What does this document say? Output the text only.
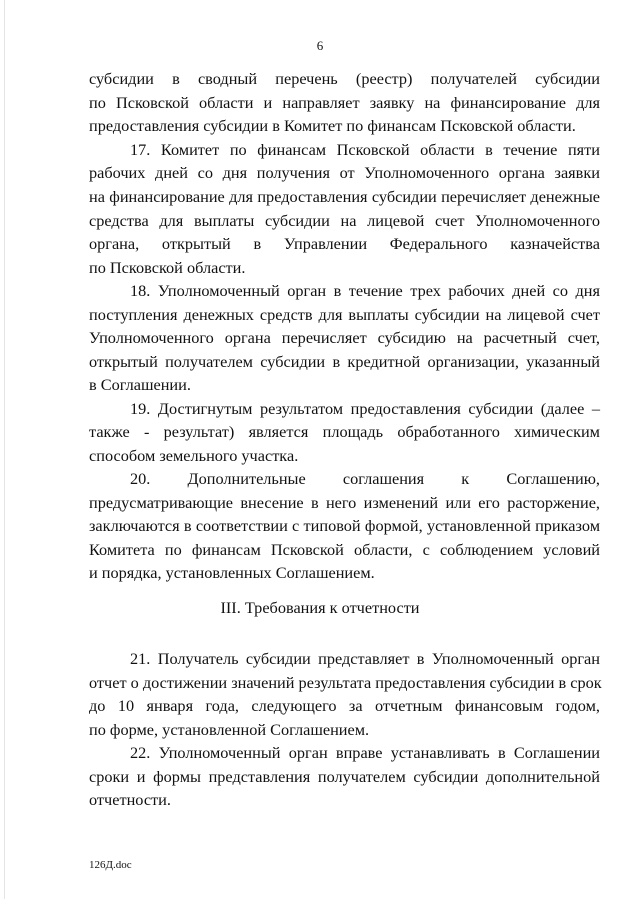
6
субсидии в сводный перечень (реестр) получателей субсидии
по Псковской области и направляет заявку на финансирование для
предоставления субсидии в Комитет по финансам Псковской области.
17. Комитет по финансам Псковской области в течение пяти
рабочих дней со дня получения от Уполномоченного органа заявки
на финансирование для предоставления субсидии перечисляет денежные
средства для выплаты субсидии на лицевой счет Уполномоченного
органа, открытый в Управлении Федерального казначейства
по Псковской области.
18. Уполномоченный орган в течение трех рабочих дней со дня
поступления денежных средств для выплаты субсидии на лицевой счет
Уполномоченного органа перечисляет субсидию на расчетный счет,
открытый получателем субсидии в кредитной организации, указанный
в Соглашении.
19. Достигнутым результатом предоставления субсидии (далее –
также - результат) является площадь обработанного химическим
способом земельного участка.
20. Дополнительные соглашения к Соглашению,
предусматривающие внесение в него изменений или его расторжение,
заключаются в соответствии с типовой формой, установленной приказом
Комитета по финансам Псковской области, с соблюдением условий
и порядка, установленных Соглашением.
III. Требования к отчетности
21. Получатель субсидии представляет в Уполномоченный орган
отчет о достижении значений результата предоставления субсидии в срок
до 10 января года, следующего за отчетным финансовым годом,
по форме, установленной Соглашением.
22. Уполномоченный орган вправе устанавливать в Соглашении
сроки и формы представления получателем субсидии дополнительной
отчетности.
126Д.doc
